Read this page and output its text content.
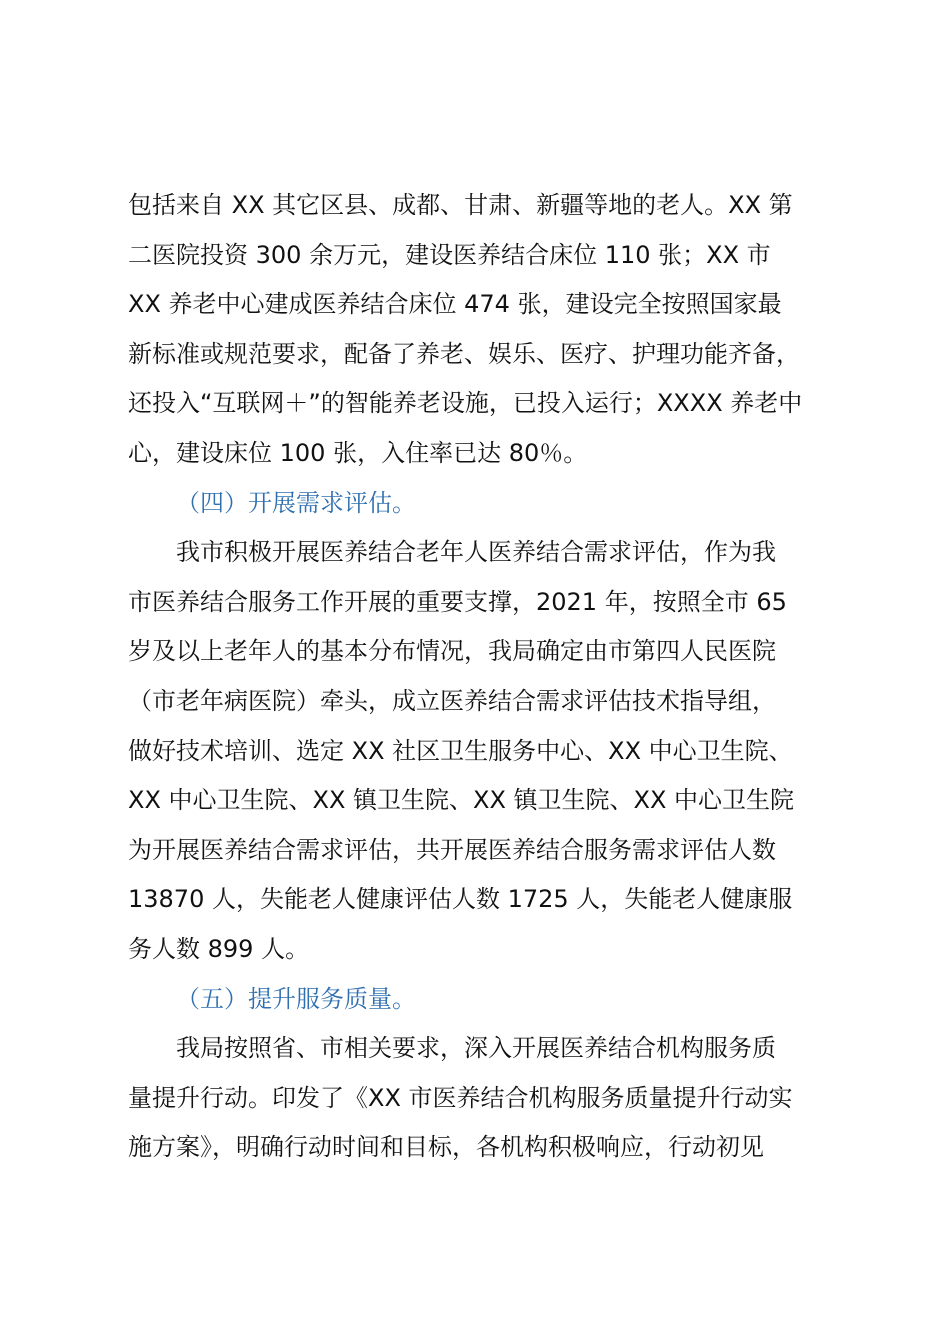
包括来自 XX 其它区县、成都、甘肃、新疆等地的老人。XX 第
二医院投资 300 余万元，建设医养结合床位 110 张；XX 市
XX 养老中心建成医养结合床位 474 张，建设完全按照国家最
新标准或规范要求，配备了养老、娱乐、医疗、护理功能齐备，
还投入“互联网＋”的智能养老设施，已投入运行；XXXX 养老中
心，建设床位 100 张，入住率已达 80％。
（四）开展需求评估。
我市积极开展医养结合老年人医养结合需求评估，作为我
市医养结合服务工作开展的重要支撑，2021 年，按照全市 65
岁及以上老年人的基本分布情况，我局确定由市第四人民医院
（市老年病医院）牵头，成立医养结合需求评估技术指导组，
做好技术培训、选定 XX 社区卫生服务中心、XX 中心卫生院、
XX 中心卫生院、XX 镇卫生院、XX 镇卫生院、XX 中心卫生院
为开展医养结合需求评估，共开展医养结合服务需求评估人数
13870 人，失能老人健康评估人数 1725 人，失能老人健康服
务人数 899 人。
（五）提升服务质量。
我局按照省、市相关要求，深入开展医养结合机构服务质
量提升行动。印发了《XX 市医养结合机构服务质量提升行动实
施方案》，明确行动时间和目标，各机构积极响应，行动初见
